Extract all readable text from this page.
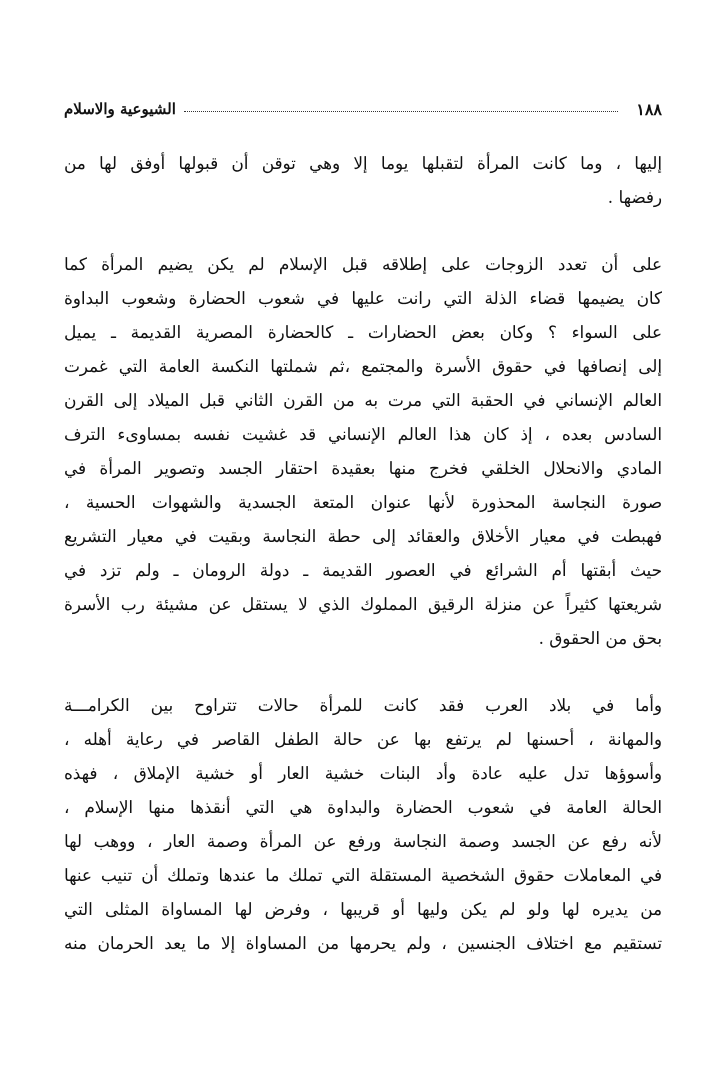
١٨٨
الشيوعية والاسلام

إليها ، وما كانت المرأة لتقبلها يوما إلا وهي توقن أن قبولها أوفق لها من
رفضها .

على أن تعدد الزوجات على إطلاقه قبل الإسلام لم يكن يضيم المرأة كما
كان يضيمها قضاء الذلة التي رانت عليها في شعوب الحضارة وشعوب البداوة
على السواء ؟ وكان بعض الحضارات ـ كالحضارة المصرية القديمة ـ يميل
إلى إنصافها في حقوق الأسرة والمجتمع ،ثم شملتها النكسة العامة التي غمرت
العالم الإنساني في الحقبة التي مرت به من القرن الثاني قبل الميلاد إلى القرن
السادس بعده ، إذ كان هذا العالم الإنساني قد غشيت نفسه بمساوىء الترف
المادي والانحلال الخلقي فخرج منها بعقيدة احتقار الجسد وتصوير المرأة في
صورة النجاسة المحذورة لأنها عنوان المتعة الجسدية والشهوات الحسية ،
فهبطت في معيار الأخلاق والعقائد إلى حطة النجاسة وبقيت في معيار التشريع
حيث أبقتها أم الشرائع في العصور القديمة ـ دولة الرومان ـ ولم تزد في
شريعتها كثيراً عن منزلة الرقيق المملوك الذي لا يستقل عن مشيئة رب الأسرة
بحق من الحقوق .

وأما في بلاد العرب فقد كانت للمرأة حالات تتراوح بين الكرامـــة
والمهانة ، أحسنها لم يرتفع بها عن حالة الطفل القاصر في رعاية أهله ،
وأسوؤها تدل عليه عادة وأد البنات خشية العار أو خشية الإملاق ، فهذه
الحالة العامة في شعوب الحضارة والبداوة هي التي أنقذها منها الإسلام ،
لأنه رفع عن الجسد وصمة النجاسة ورفع عن المرأة وصمة العار ، ووهب لها
في المعاملات حقوق الشخصية المستقلة التي تملك ما عندها وتملك أن تنيب عنها
من يديره لها ولو لم يكن وليها أو قريبها ، وفرض لها المساواة المثلى التي
تستقيم مع اختلاف الجنسين ، ولم يحرمها من المساواة إلا ما يعد الحرمان منه
